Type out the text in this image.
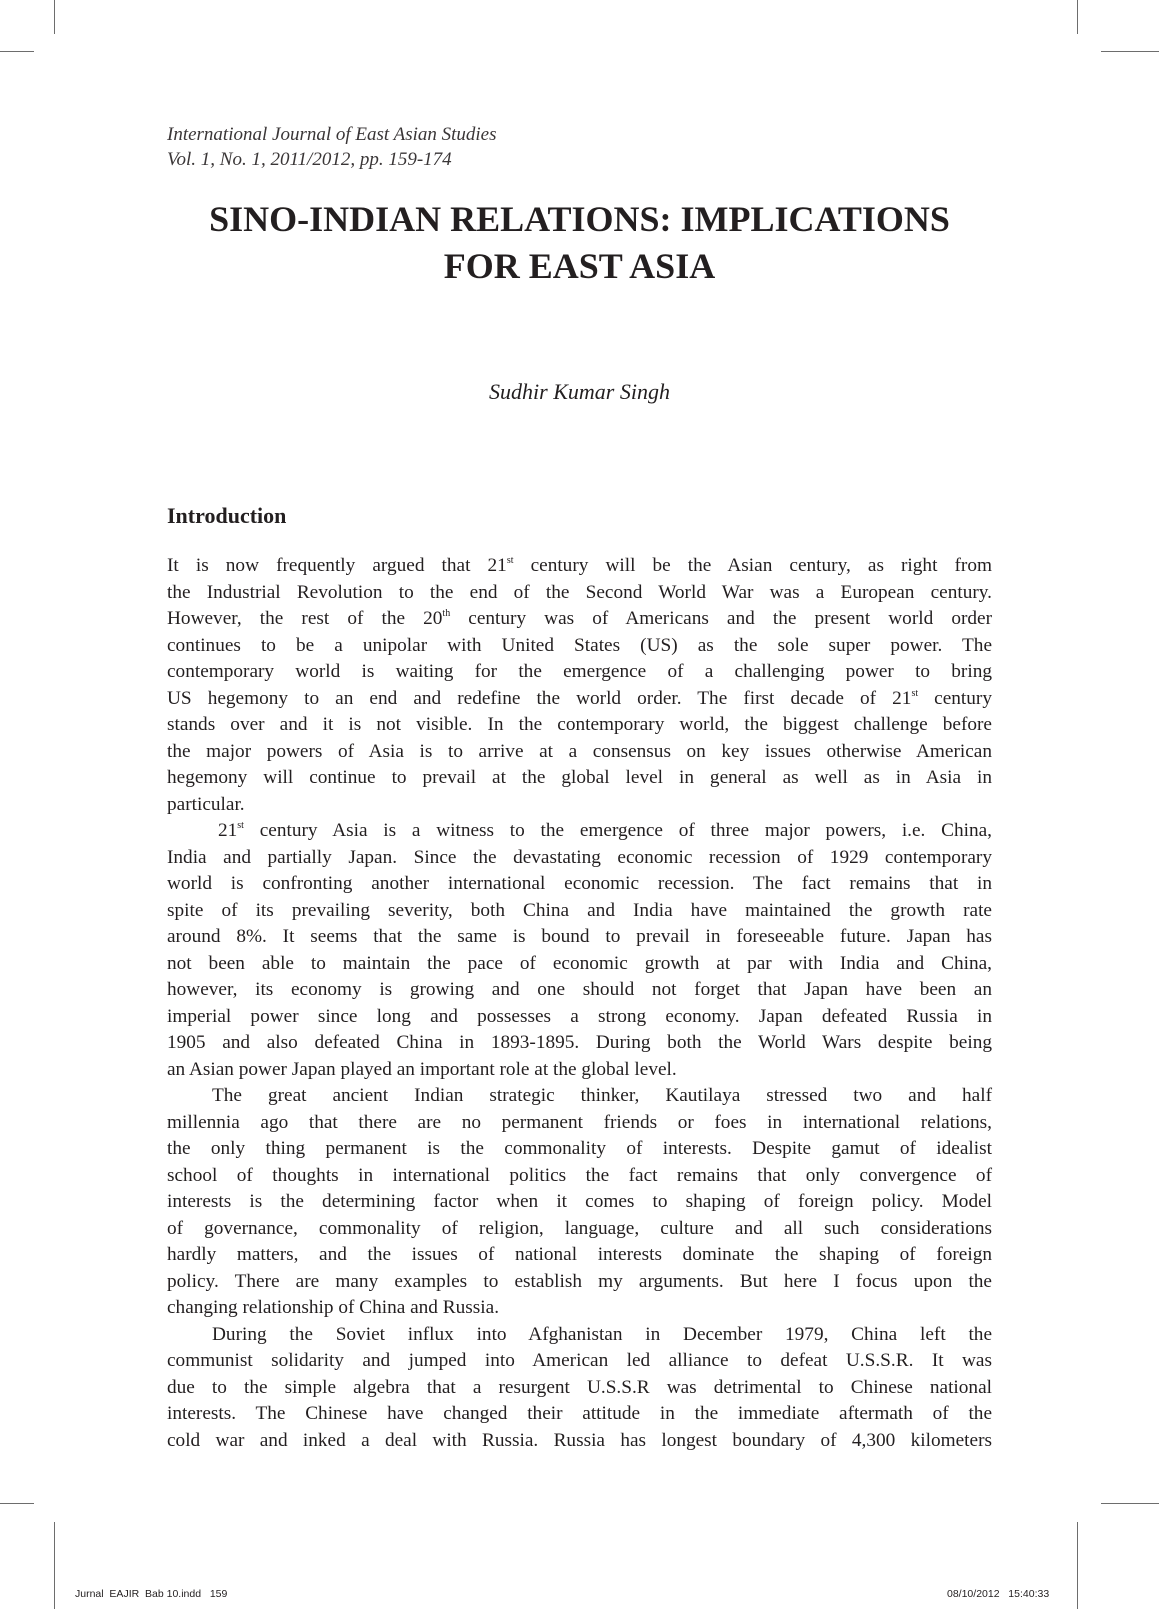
International Journal of East Asian Studies
Vol. 1, No. 1, 2011/2012, pp. 159-174
SINO-INDIAN RELATIONS: IMPLICATIONS
FOR EAST ASIA
Sudhir Kumar Singh
Introduction
It is now frequently argued that 21st century will be the Asian century, as right from
the Industrial Revolution to the end of the Second World War was a European century.
However, the rest of the 20th century was of Americans and the present world order
continues to be a unipolar with United States (US) as the sole super power. The
contemporary world is waiting for the emergence of a challenging power to bring
US hegemony to an end and redefine the world order. The first decade of 21st century
stands over and it is not visible. In the contemporary world, the biggest challenge before
the major powers of Asia is to arrive at a consensus on key issues otherwise American
hegemony will continue to prevail at the global level in general as well as in Asia in
particular.
21st century Asia is a witness to the emergence of three major powers, i.e. China,
India and partially Japan. Since the devastating economic recession of 1929 contemporary
world is confronting another international economic recession. The fact remains that in
spite of its prevailing severity, both China and India have maintained the growth rate
around 8%. It seems that the same is bound to prevail in foreseeable future. Japan has
not been able to maintain the pace of economic growth at par with India and China,
however, its economy is growing and one should not forget that Japan have been an
imperial power since long and possesses a strong economy. Japan defeated Russia in
1905 and also defeated China in 1893-1895. During both the World Wars despite being
an Asian power Japan played an important role at the global level.
The great ancient Indian strategic thinker, Kautilaya stressed two and half
millennia ago that there are no permanent friends or foes in international relations,
the only thing permanent is the commonality of interests. Despite gamut of idealist
school of thoughts in international politics the fact remains that only convergence of
interests is the determining factor when it comes to shaping of foreign policy. Model
of governance, commonality of religion, language, culture and all such considerations
hardly matters, and the issues of national interests dominate the shaping of foreign
policy. There are many examples to establish my arguments. But here I focus upon the
changing relationship of China and Russia.
During the Soviet influx into Afghanistan in December 1979, China left the
communist solidarity and jumped into American led alliance to defeat U.S.S.R. It was
due to the simple algebra that a resurgent U.S.S.R was detrimental to Chinese national
interests. The Chinese have changed their attitude in the immediate aftermath of the
cold war and inked a deal with Russia. Russia has longest boundary of 4,300 kilometers
Jurnal  EAJIR  Bab 10.indd   159	08/10/2012   15:40:33
